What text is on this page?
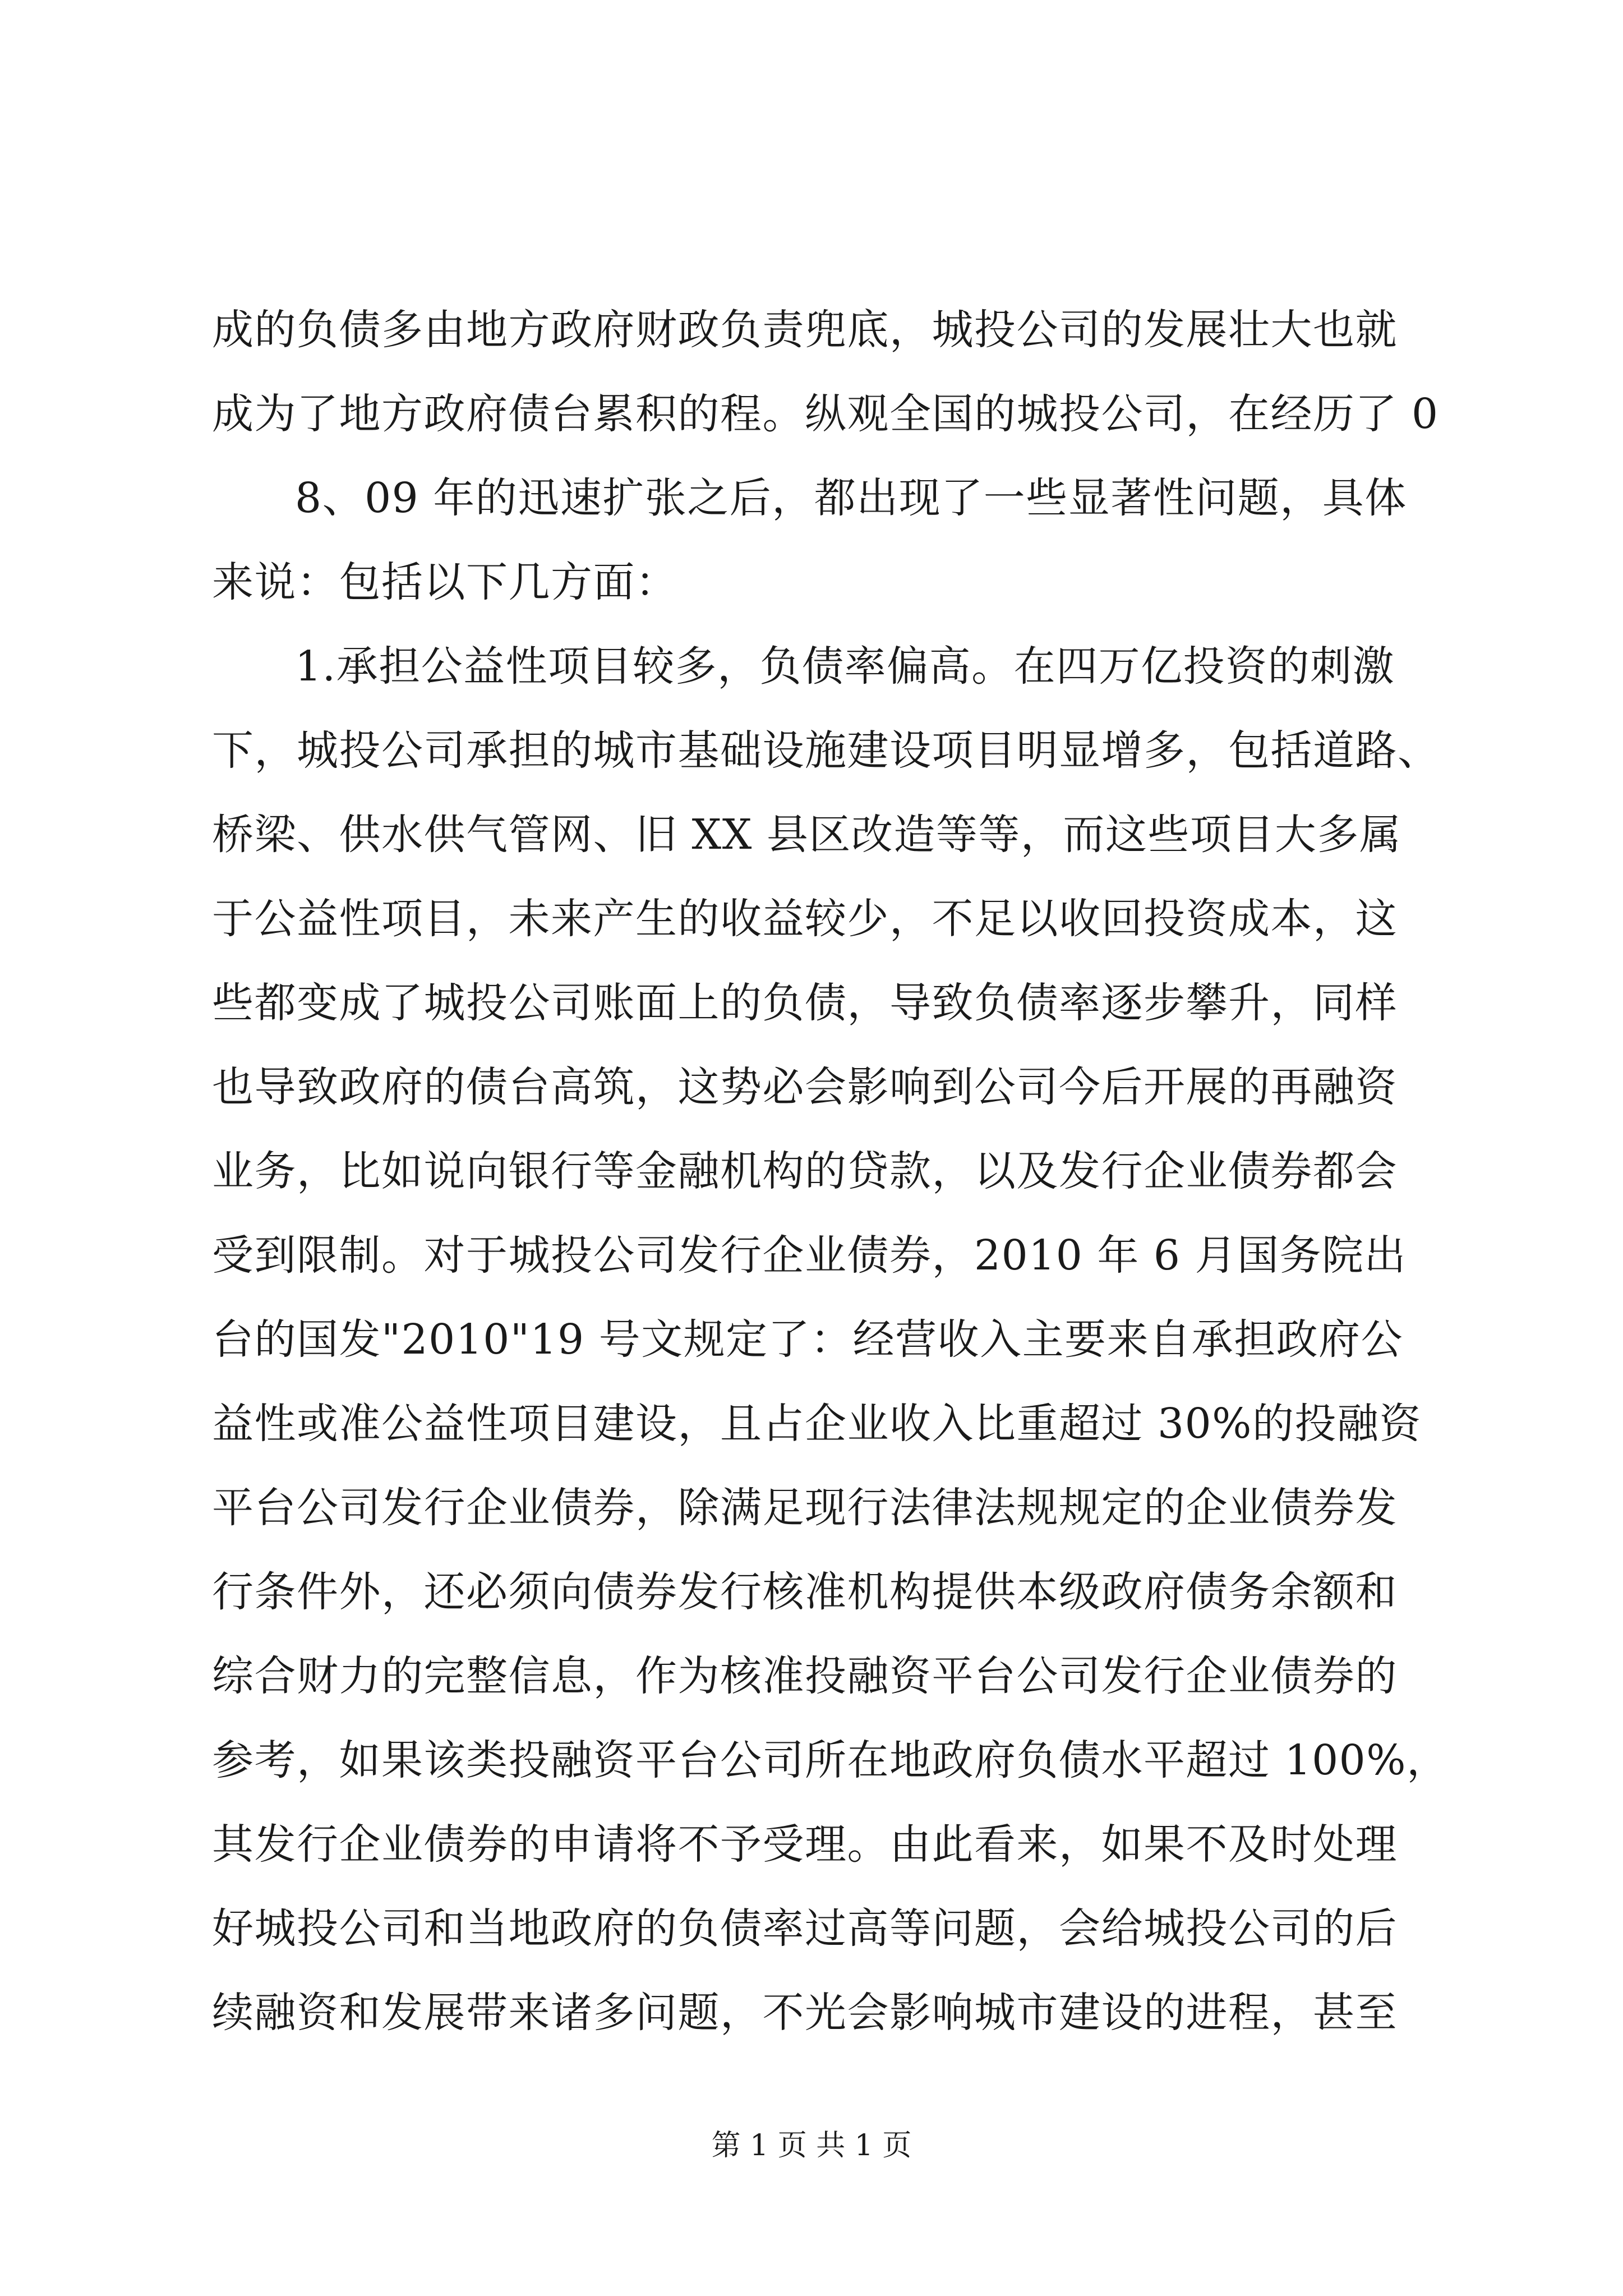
成的负债多由地方政府财政负责兜底，城投公司的发展壮大也就
成为了地方政府债台累积的程。纵观全国的城投公司，在经历了 0
8、09 年的迅速扩张之后，都出现了一些显著性问题，具体
来说：包括以下几方面：
1.承担公益性项目较多，负债率偏高。在四万亿投资的刺激
下，城投公司承担的城市基础设施建设项目明显增多，包括道路、
桥梁、供水供气管网、旧 XX 县区改造等等，而这些项目大多属
于公益性项目，未来产生的收益较少，不足以收回投资成本，这
些都变成了城投公司账面上的负债，导致负债率逐步攀升，同样
也导致政府的债台高筑，这势必会影响到公司今后开展的再融资
业务，比如说向银行等金融机构的贷款，以及发行企业债券都会
受到限制。对于城投公司发行企业债券，2010 年 6 月国务院出
台的国发"2010"19 号文规定了：经营收入主要来自承担政府公
益性或准公益性项目建设，且占企业收入比重超过 30%的投融资
平台公司发行企业债券，除满足现行法律法规规定的企业债券发
行条件外，还必须向债券发行核准机构提供本级政府债务余额和
综合财力的完整信息，作为核准投融资平台公司发行企业债券的
参考，如果该类投融资平台公司所在地政府负债水平超过 100%，
其发行企业债券的申请将不予受理。由此看来，如果不及时处理
好城投公司和当地政府的负债率过高等问题，会给城投公司的后
续融资和发展带来诸多问题，不光会影响城市建设的进程，甚至
第 1 页 共 1 页
